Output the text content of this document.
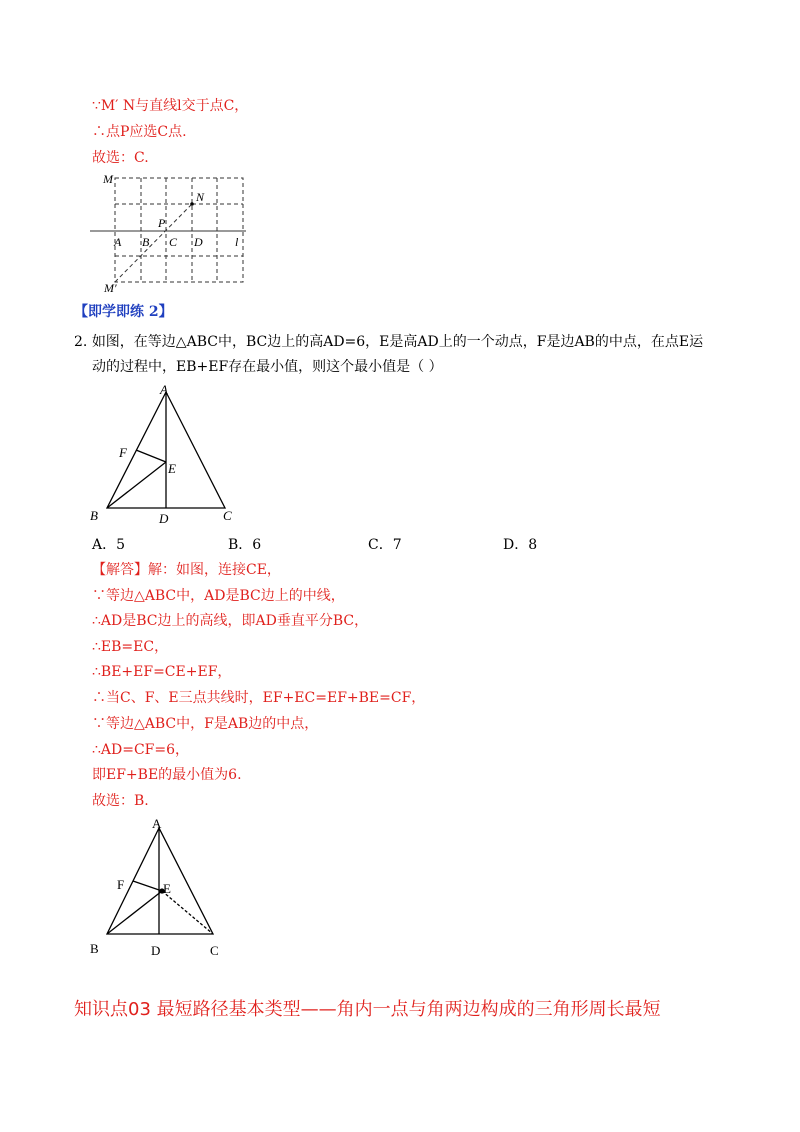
∵M′ N与直线l交于点C，
∴点P应选C点.
故选：C.
M
N
P
A B C D	l
M′
【即学即练 2】
2. 如图，在等边△ABC中，BC边上的高AD=6，E是高AD上的一个动点，F是边AB的中点，在点E运
动的过程中，EB+EF存在最小值，则这个最小值是（ ）
A
B	C
D
E
F
A．5	B．6	C．7	D．8
【解答】解：如图，连接CE，
∵等边△ABC中，AD是BC边上的中线，
∴AD是BC边上的高线，即AD垂直平分BC，
∴EB=EC，
∴BE+EF=CE+EF，
∴当C、F、E三点共线时，EF+EC=EF+BE=CF，
∵等边△ABC中，F是AB边的中点，
∴AD=CF=6，
即EF+BE的最小值为6.
故选：B.
A
B	C
D
E
F
知识点03 最短路径基本类型——角内一点与角两边构成的三角形周长最短
